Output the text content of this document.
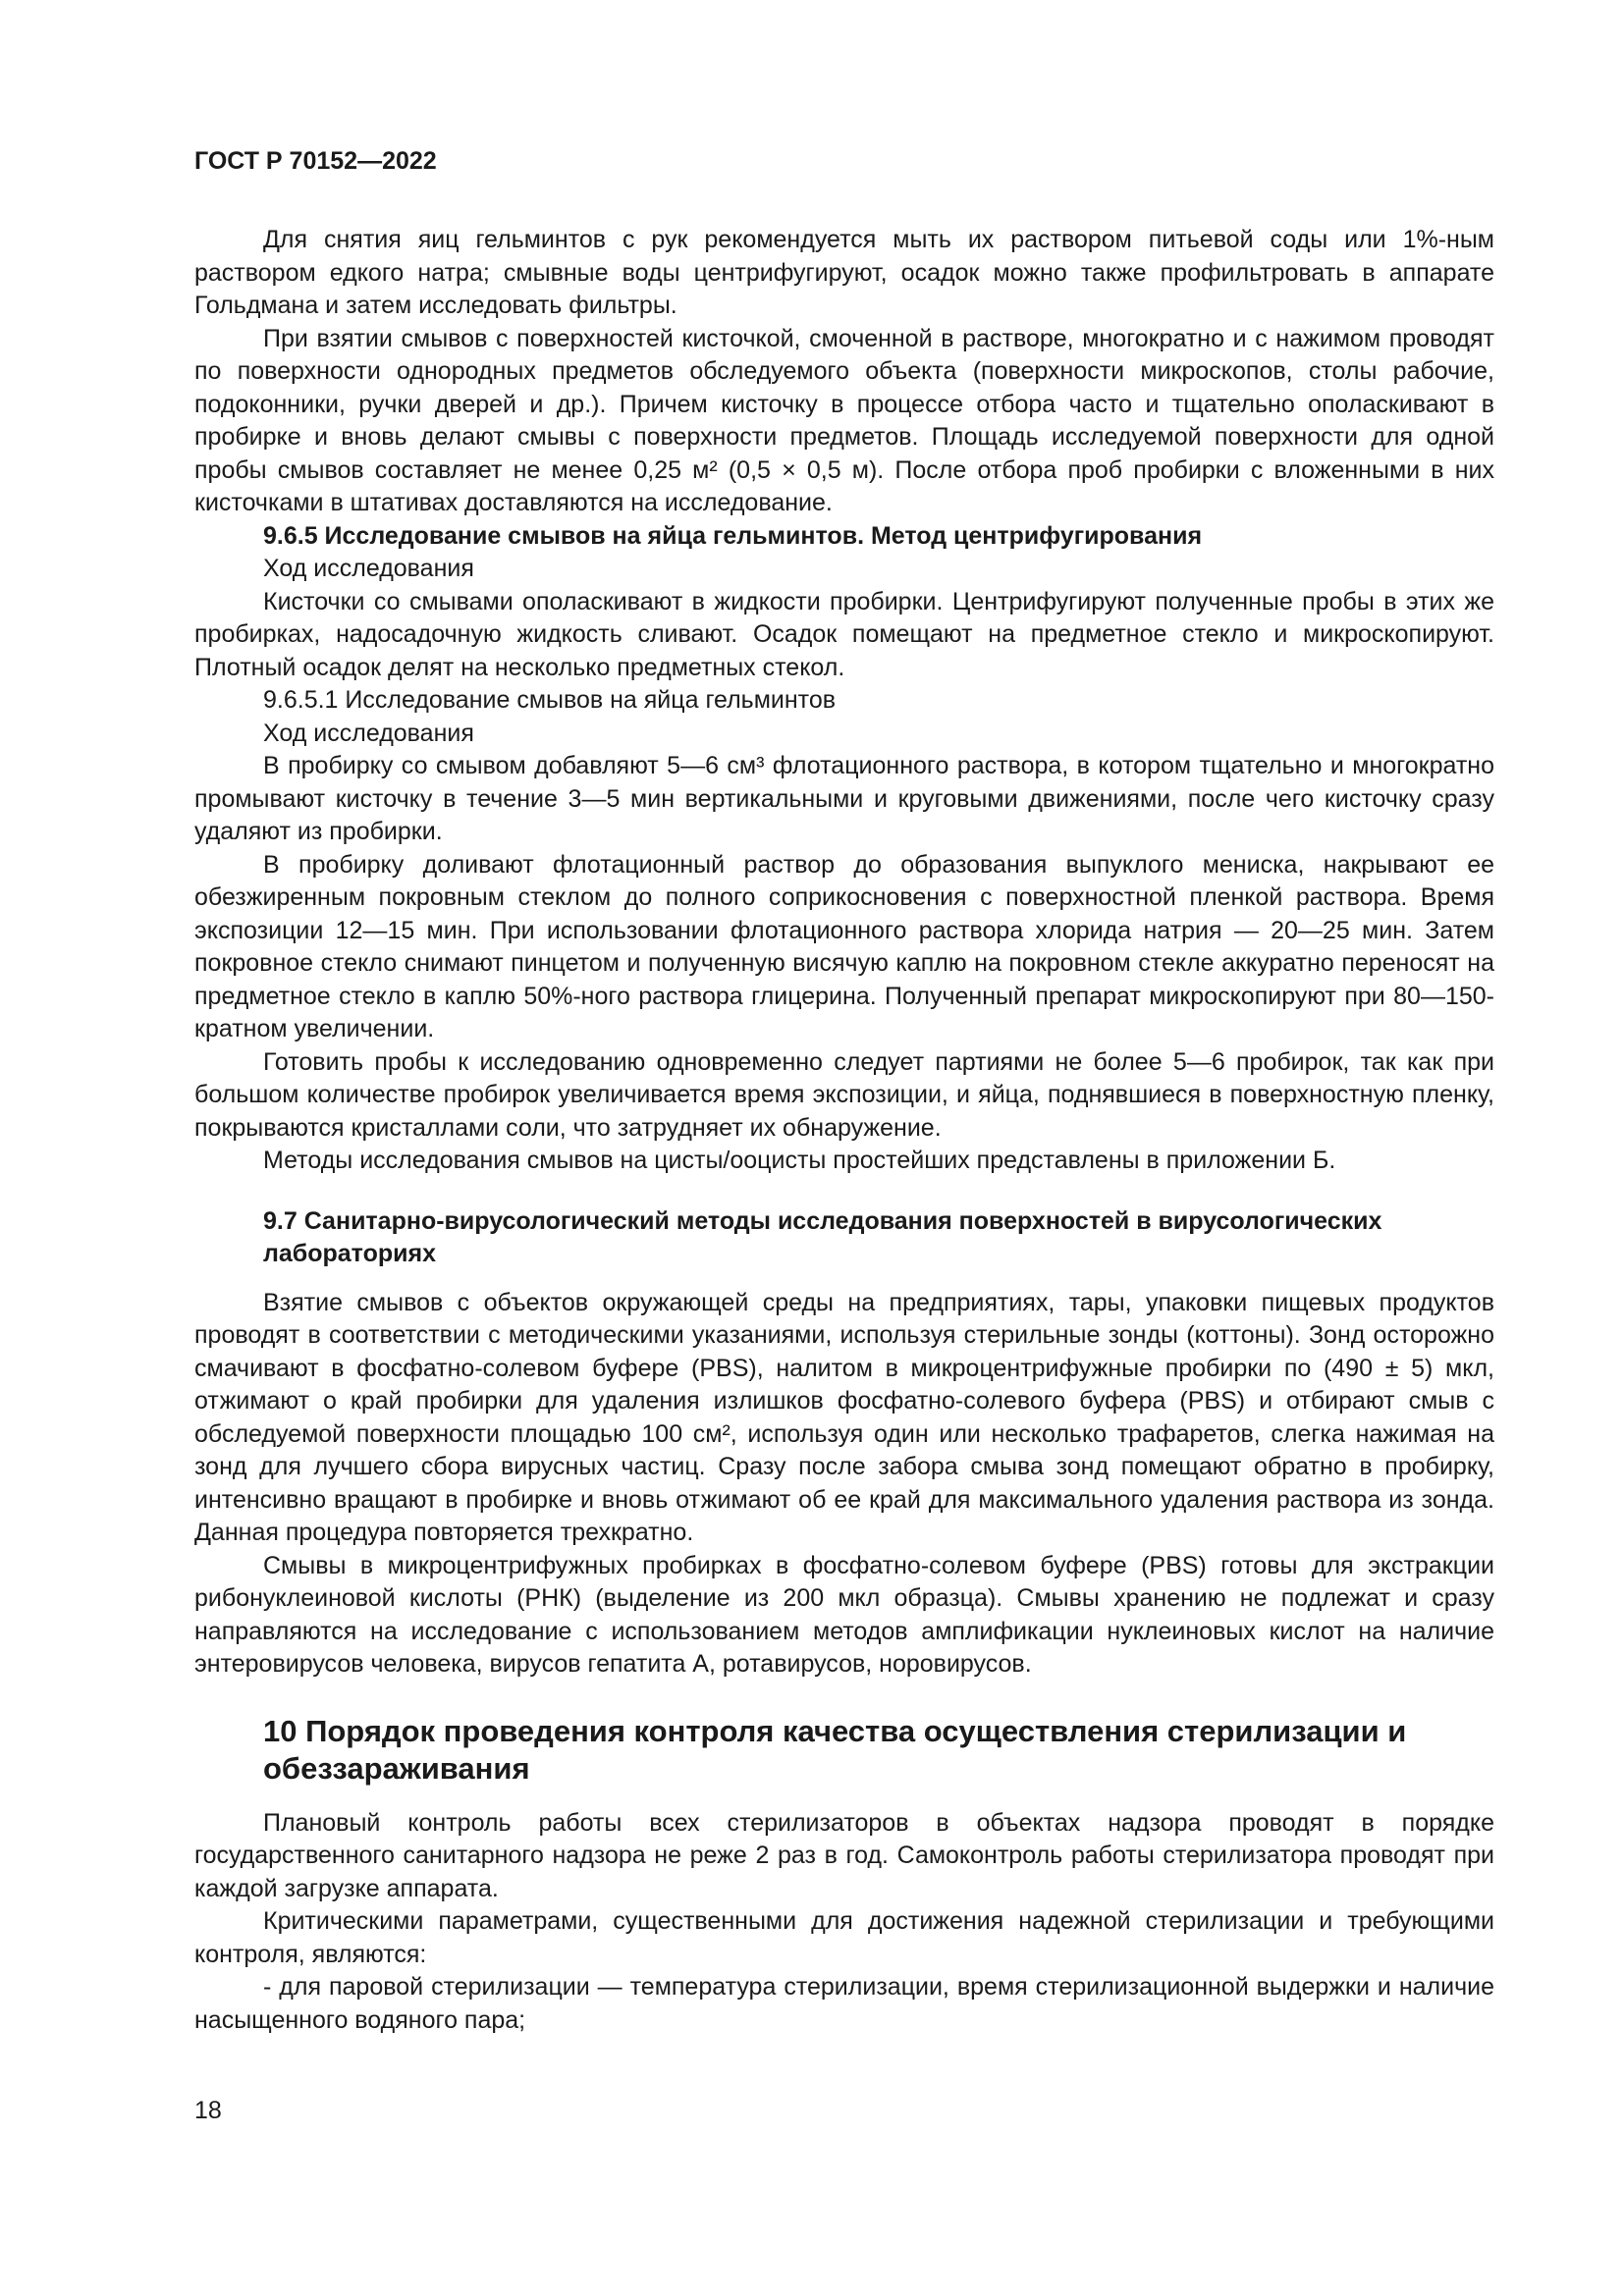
ГОСТ Р 70152—2022

Для снятия яиц гельминтов с рук рекомендуется мыть их раствором питьевой соды или 1%-ным раствором едкого натра; смывные воды центрифугируют, осадок можно также профильтровать в аппарате Гольдмана и затем исследовать фильтры.

При взятии смывов с поверхностей кисточкой, смоченной в растворе, многократно и с нажимом проводят по поверхности однородных предметов обследуемого объекта (поверхности микроскопов, столы рабочие, подоконники, ручки дверей и др.). Причем кисточку в процессе отбора часто и тщательно ополаскивают в пробирке и вновь делают смывы с поверхности предметов. Площадь исследуемой поверхности для одной пробы смывов составляет не менее 0,25 м² (0,5 × 0,5 м). После отбора проб пробирки с вложенными в них кисточками в штативах доставляются на исследование.

9.6.5 Исследование смывов на яйца гельминтов. Метод центрифугирования

Ход исследования

Кисточки со смывами ополаскивают в жидкости пробирки. Центрифугируют полученные пробы в этих же пробирках, надосадочную жидкость сливают. Осадок помещают на предметное стекло и микроскопируют. Плотный осадок делят на несколько предметных стекол.

9.6.5.1 Исследование смывов на яйца гельминтов

Ход исследования

В пробирку со смывом добавляют 5—6 см³ флотационного раствора, в котором тщательно и многократно промывают кисточку в течение 3—5 мин вертикальными и круговыми движениями, после чего кисточку сразу удаляют из пробирки.

В пробирку доливают флотационный раствор до образования выпуклого мениска, накрывают ее обезжиренным покровным стеклом до полного соприкосновения с поверхностной пленкой раствора. Время экспозиции 12—15 мин. При использовании флотационного раствора хлорида натрия — 20—25 мин. Затем покровное стекло снимают пинцетом и полученную висячую каплю на покровном стекле аккуратно переносят на предметное стекло в каплю 50%-ного раствора глицерина. Полученный препарат микроскопируют при 80—150-кратном увеличении.

Готовить пробы к исследованию одновременно следует партиями не более 5—6 пробирок, так как при большом количестве пробирок увеличивается время экспозиции, и яйца, поднявшиеся в поверхностную пленку, покрываются кристаллами соли, что затрудняет их обнаружение.

Методы исследования смывов на цисты/ооцисты простейших представлены в приложении Б.

9.7 Санитарно-вирусологический методы исследования поверхностей в вирусологических лабораториях

Взятие смывов с объектов окружающей среды на предприятиях, тары, упаковки пищевых продуктов проводят в соответствии с методическими указаниями, используя стерильные зонды (коттоны). Зонд осторожно смачивают в фосфатно-солевом буфере (PBS), налитом в микроцентрифужные пробирки по (490 ± 5) мкл, отжимают о край пробирки для удаления излишков фосфатно-солевого буфера (PBS) и отбирают смыв с обследуемой поверхности площадью 100 см², используя один или несколько трафаретов, слегка нажимая на зонд для лучшего сбора вирусных частиц. Сразу после забора смыва зонд помещают обратно в пробирку, интенсивно вращают в пробирке и вновь отжимают об ее край для максимального удаления раствора из зонда. Данная процедура повторяется трехкратно.

Смывы в микроцентрифужных пробирках в фосфатно-солевом буфере (PBS) готовы для экстракции рибонуклеиновой кислоты (РНК) (выделение из 200 мкл образца). Смывы хранению не подлежат и сразу направляются на исследование с использованием методов амплификации нуклеиновых кислот на наличие энтеровирусов человека, вирусов гепатита А, ротавирусов, норовирусов.

10 Порядок проведения контроля качества осуществления стерилизации и обеззараживания

Плановый контроль работы всех стерилизаторов в объектах надзора проводят в порядке государственного санитарного надзора не реже 2 раз в год. Самоконтроль работы стерилизатора проводят при каждой загрузке аппарата.

Критическими параметрами, существенными для достижения надежной стерилизации и требующими контроля, являются:

- для паровой стерилизации — температура стерилизации, время стерилизационной выдержки и наличие насыщенного водяного пара;

18
